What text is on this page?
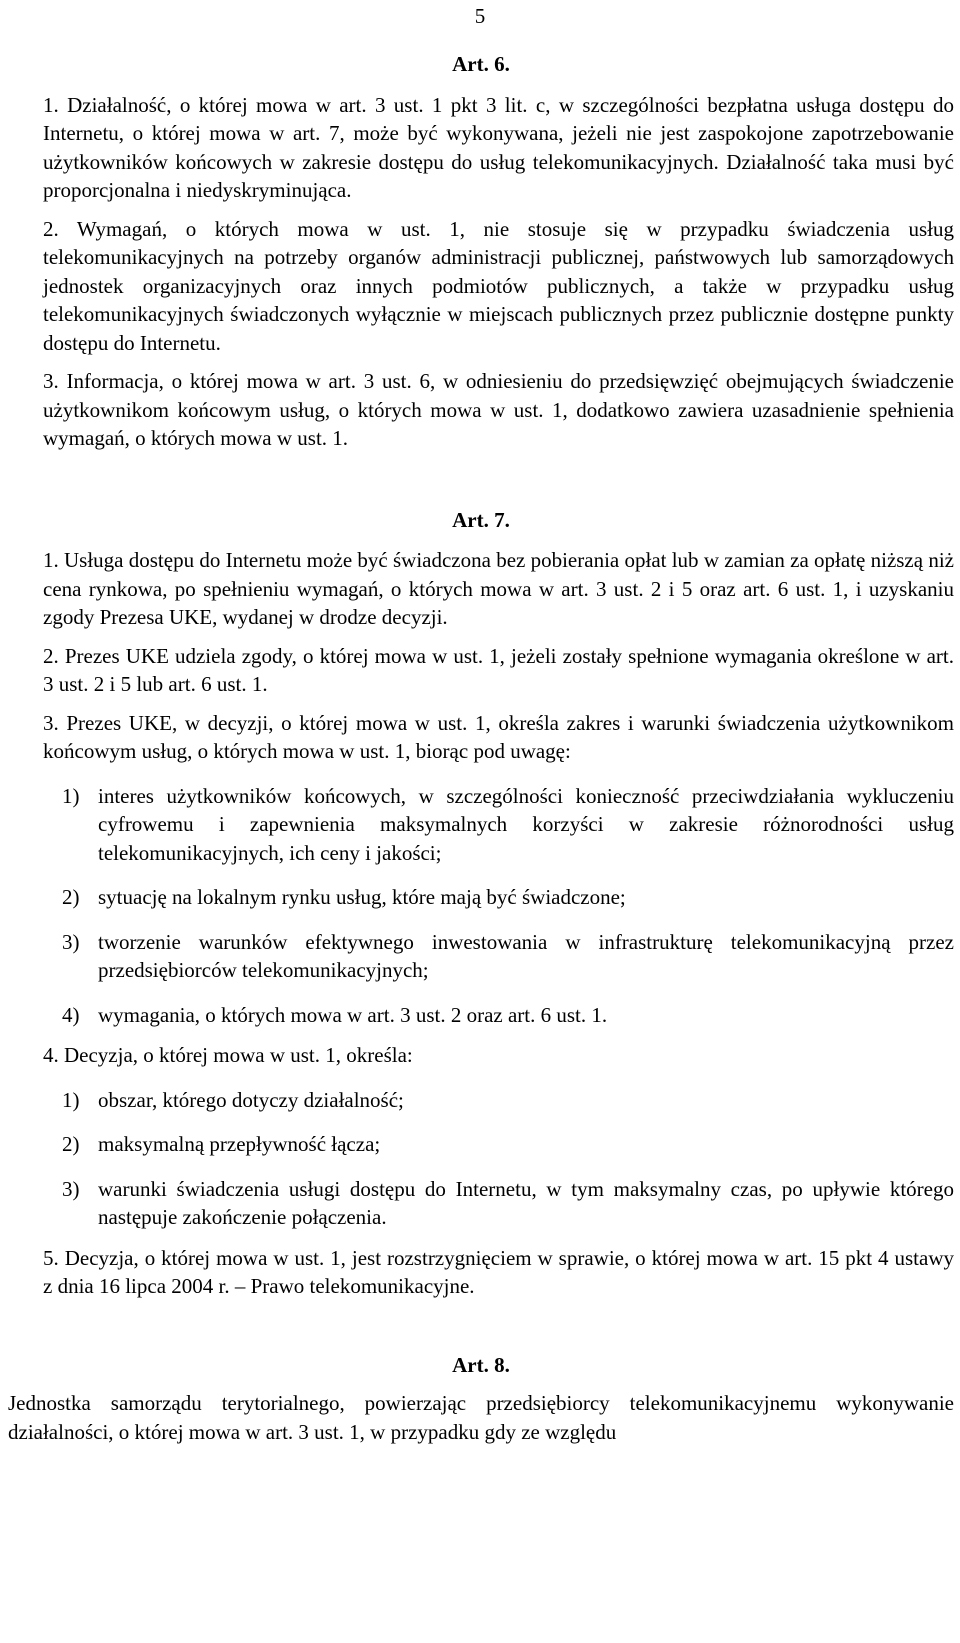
5
Art. 6.

1. Działalność, o której mowa w art. 3 ust. 1 pkt 3 lit. c, w szczególności bezpłatna usługa dostępu do Internetu, o której mowa w art. 7, może być wykonywana, jeżeli nie jest zaspokojone zapotrzebowanie użytkowników końcowych w zakresie dostępu do usług telekomunikacyjnych. Działalność taka musi być proporcjonalna i niedyskryminująca.

2. Wymagań, o których mowa w ust. 1, nie stosuje się w przypadku świadczenia usług telekomunikacyjnych na potrzeby organów administracji publicznej, państwowych lub samorządowych jednostek organizacyjnych oraz innych podmiotów publicznych, a także w przypadku usług telekomunikacyjnych świadczonych wyłącznie w miejscach publicznych przez publicznie dostępne punkty dostępu do Internetu.

3. Informacja, o której mowa w art. 3 ust. 6, w odniesieniu do przedsięwzięć obejmujących świadczenie użytkownikom końcowym usług, o których mowa w ust. 1, dodatkowo zawiera uzasadnienie spełnienia wymagań, o których mowa w ust. 1.

Art. 7.

1. Usługa dostępu do Internetu może być świadczona bez pobierania opłat lub w zamian za opłatę niższą niż cena rynkowa, po spełnieniu wymagań, o których mowa w art. 3 ust. 2 i 5 oraz art. 6 ust. 1, i uzyskaniu zgody Prezesa UKE, wydanej w drodze decyzji.

2. Prezes UKE udziela zgody, o której mowa w ust. 1, jeżeli zostały spełnione wymagania określone w art. 3 ust. 2 i 5 lub art. 6 ust. 1.

3. Prezes UKE, w decyzji, o której mowa w ust. 1, określa zakres i warunki świadczenia użytkownikom końcowym usług, o których mowa w ust. 1, biorąc pod uwagę:

1) interes użytkowników końcowych, w szczególności konieczność przeciwdziałania wykluczeniu cyfrowemu i zapewnienia maksymalnych korzyści w zakresie różnorodności usług telekomunikacyjnych, ich ceny i jakości;

2) sytuację na lokalnym rynku usług, które mają być świadczone;

3) tworzenie warunków efektywnego inwestowania w infrastrukturę telekomunikacyjną przez przedsiębiorców telekomunikacyjnych;

4) wymagania, o których mowa w art. 3 ust. 2 oraz art. 6 ust. 1.

4. Decyzja, o której mowa w ust. 1, określa:

1) obszar, którego dotyczy działalność;

2) maksymalną przepływność łącza;

3) warunki świadczenia usługi dostępu do Internetu, w tym maksymalny czas, po upływie którego następuje zakończenie połączenia.

5. Decyzja, o której mowa w ust. 1, jest rozstrzygnięciem w sprawie, o której mowa w art. 15 pkt 4 ustawy z dnia 16 lipca 2004 r. – Prawo telekomunikacyjne.

Art. 8.

Jednostka samorządu terytorialnego, powierzając przedsiębiorcy telekomunikacyjnemu wykonywanie działalności, o której mowa w art. 3 ust. 1, w przypadku gdy ze względu
